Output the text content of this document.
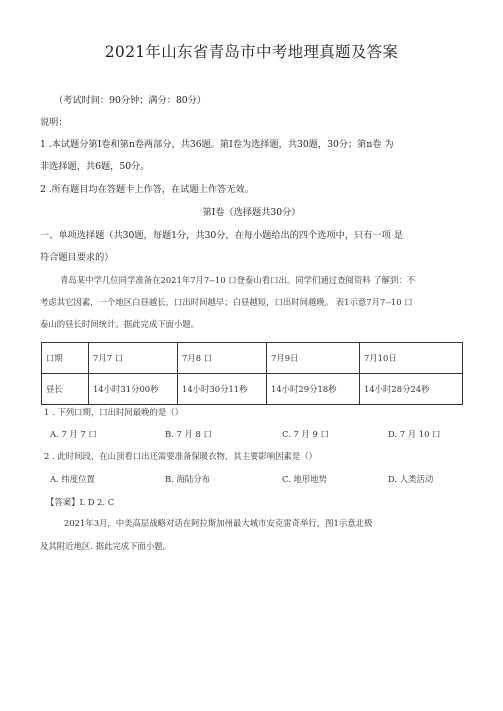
2021年山东省青岛市中考地理真题及答案
（考试时间：90分钟；满分：80分）
说明：
1 .本试题分第I卷和第n卷两部分，共36题。第I卷为选择题，共30题，30分；第n卷 为
非选择题，共6题，50分。
2 .所有题目均在答题卡上作答，在试题上作答无效。
第I卷（选择题共30分）
一、单项选择题（共30题，每题1分，共30分，在每小题给出的四个选项中，只有一项 是
符合题目要求的）
青岛某中学几位同学准备在2021年7月7--10 口登泰山看口出。同学们通过查阅资料 了解到：不
考虑其它因素，一个地区白昼越长，口出时间越早；白昼越短，口出时间越晚。 表1示意7月7--10 口
泰山的昼长时间统计。据此完成下面小题。
口期	7月7 口	7月8 口	7月9日	7月10日
昼长	14小时31分00秒	14小时30分11秒	14小时29分18秒	14小时28分24秒
1 . 下列口期，口出时间最晚的是（）
A. 7 月 7 口	B. 7 月 8 口	C. 7 月 9 口	D. 7 月 10 口
2 . 此时间段，在山顶看口出还需要准备保暖衣物，其主要影响因素是（）
A. 纬度位置	B. 海陆分布	C. 地形地势	D. 人类活动
【答案】L D 2. C
2021年3月，中美高层战略对话在阿拉斯加州最大城市安克雷奇举行，图1示意北极
及其附近地区. 据此完成下面小题。
